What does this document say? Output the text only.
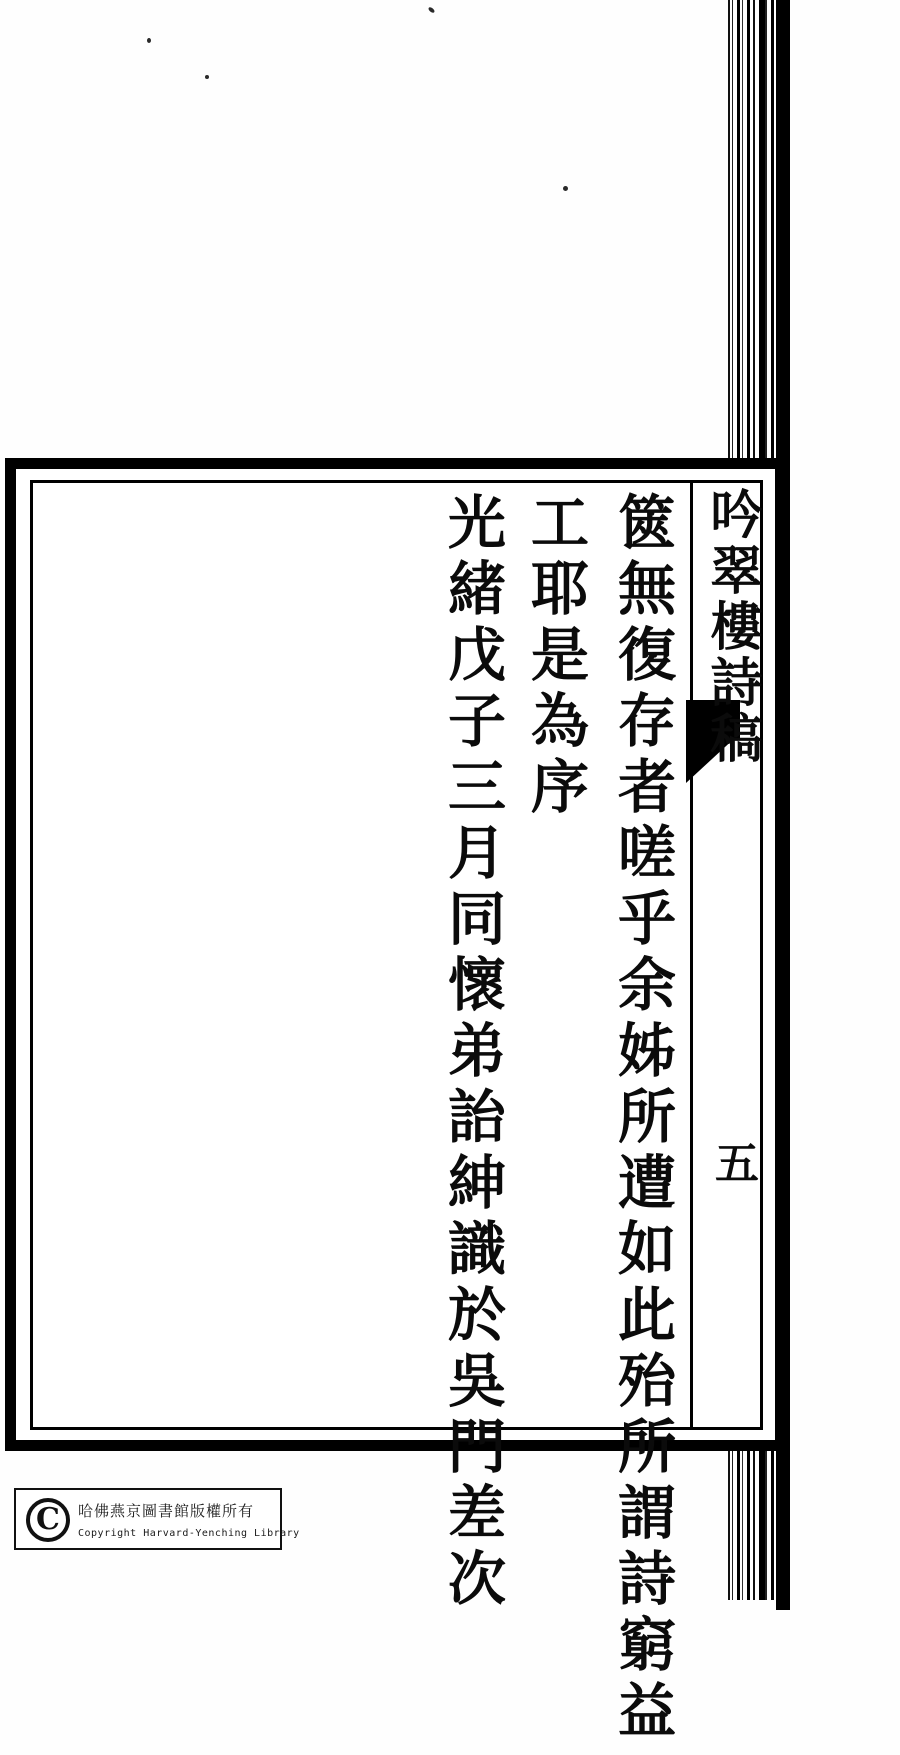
吟翠樓詩稿
篋無復存者嗟乎余姊所遭如此殆所謂詩窮益
工耶是為序
光緒戊子三月同懷弟詒紳識於吳門差次	五
C	哈佛燕京圖書館版權所有
Copyright Harvard-Yenching Library
